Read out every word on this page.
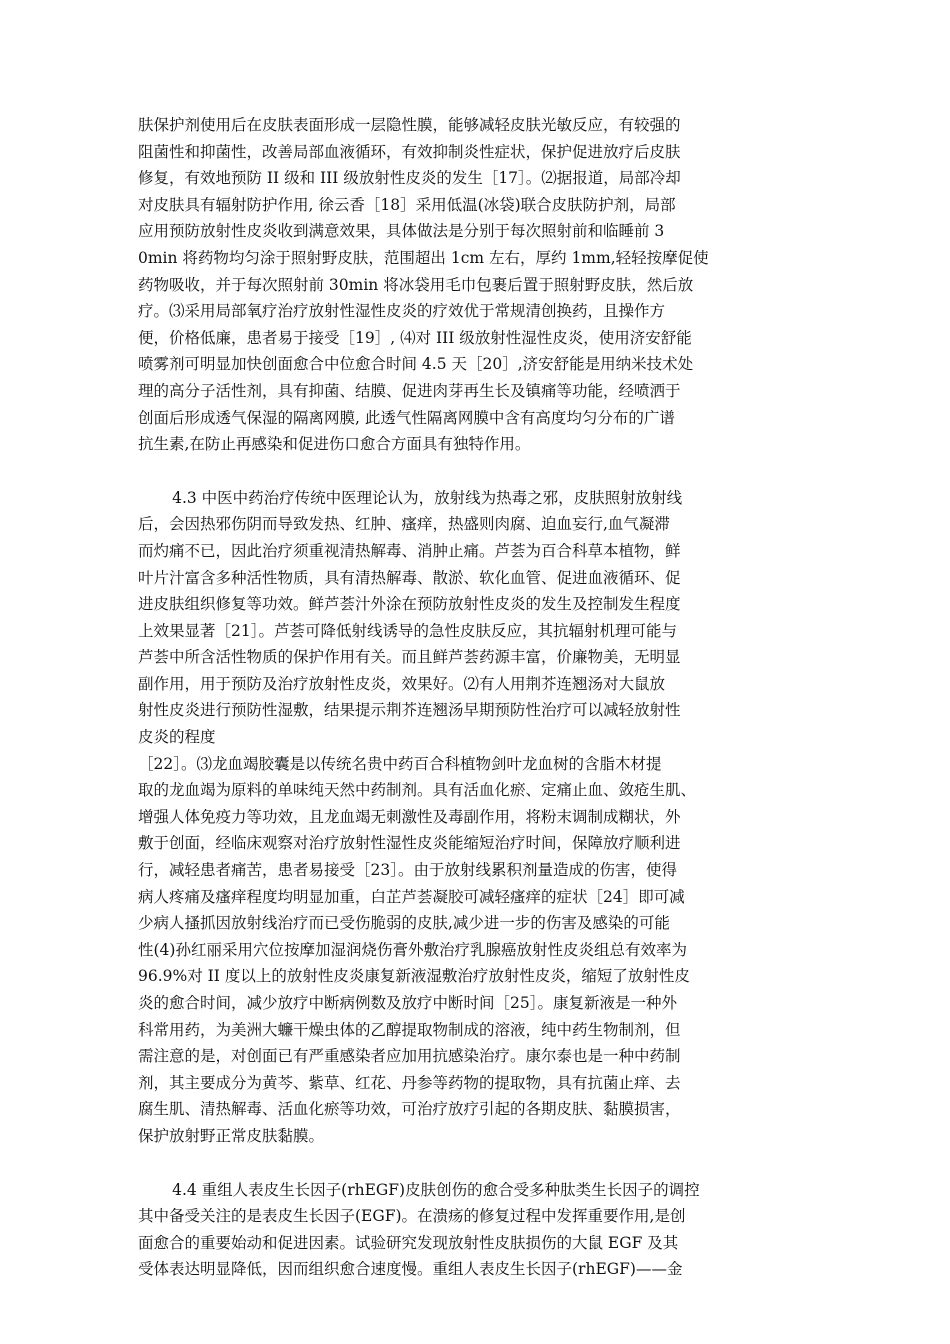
肤保护剂使用后在皮肤表面形成一层隐性膜，能够减轻皮肤光敏反应，有较强的
阻菌性和抑菌性，改善局部血液循环，有效抑制炎性症状，保护促进放疗后皮肤
修复，有效地预防 II 级和 III 级放射性皮炎的发生［17］。⑵据报道，局部冷却
对皮肤具有辐射防护作用, 徐云香［18］采用低温(冰袋)联合皮肤防护剂，局部
应用预防放射性皮炎收到满意效果，具体做法是分别于每次照射前和临睡前 3
0min 将药物均匀涂于照射野皮肤，范围超出 1cm 左右，厚约 1mm,轻轻按摩促使
药物吸收，并于每次照射前 30min 将冰袋用毛巾包裹后置于照射野皮肤，然后放
疗。⑶采用局部氧疗治疗放射性湿性皮炎的疗效优于常规清创换药，且操作方
便，价格低廉，患者易于接受［19］, ⑷对 III 级放射性湿性皮炎，使用济安舒能
喷雾剂可明显加快创面愈合中位愈合时间 4.5 天［20］,济安舒能是用纳米技术处
理的高分子活性剂，具有抑菌、结膜、促进肉芽再生长及镇痛等功能，经喷洒于
创面后形成透气保湿的隔离网膜, 此透气性隔离网膜中含有高度均匀分布的广谱
抗生素,在防止再感染和促进伤口愈合方面具有独特作用。

4.3 中医中药治疗传统中医理论认为，放射线为热毒之邪，皮肤照射放射线
后，会因热邪伤阴而导致发热、红肿、瘙痒，热盛则肉腐、迫血妄行,血气凝滞
而灼痛不已，因此治疗须重视清热解毒、消肿止痛。芦荟为百合科草本植物，鲜
叶片汁富含多种活性物质，具有清热解毒、散淤、软化血管、促进血液循环、促
进皮肤组织修复等功效。鲜芦荟汁外涂在预防放射性皮炎的发生及控制发生程度
上效果显著［21］。芦荟可降低射线诱导的急性皮肤反应，其抗辐射机理可能与
芦荟中所含活性物质的保护作用有关。而且鲜芦荟药源丰富，价廉物美，无明显
副作用，用于预防及治疗放射性皮炎，效果好。⑵有人用荆芥连翘汤对大鼠放
射性皮炎进行预防性湿敷，结果提示荆芥连翘汤早期预防性治疗可以减轻放射性
皮炎的程度

［22］。⑶龙血竭胶囊是以传统名贵中药百合科植物剑叶龙血树的含脂木材提
取的龙血竭为原料的单味纯天然中药制剂。具有活血化瘀、定痛止血、敛疮生肌、
增强人体免疫力等功效，且龙血竭无刺激性及毒副作用，将粉末调制成糊状，外
敷于创面，经临床观察对治疗放射性湿性皮炎能缩短治疗时间，保障放疗顺利进
行，减轻患者痛苦，患者易接受［23］。由于放射线累积剂量造成的伤害，使得
病人疼痛及瘙痒程度均明显加重，白芷芦荟凝胶可减轻瘙痒的症状［24］即可减
少病人搔抓因放射线治疗而已受伤脆弱的皮肤,减少进一步的伤害及感染的可能
性(4)孙红丽采用穴位按摩加湿润烧伤膏外敷治疗乳腺癌放射性皮炎组总有效率为
96.9%对 II 度以上的放射性皮炎康复新液湿敷治疗放射性皮炎，缩短了放射性皮
炎的愈合时间，减少放疗中断病例数及放疗中断时间［25］。康复新液是一种外
科常用药，为美洲大蠊干燥虫体的乙醇提取物制成的溶液，纯中药生物制剂，但
需注意的是，对创面已有严重感染者应加用抗感染治疗。康尔泰也是一种中药制
剂，其主要成分为黄芩、紫草、红花、丹参等药物的提取物，具有抗菌止痒、去
腐生肌、清热解毒、活血化瘀等功效，可治疗放疗引起的各期皮肤、黏膜损害，
保护放射野正常皮肤黏膜。

4.4 重组人表皮生长因子(rhEGF)皮肤创伤的愈合受多种肽类生长因子的调控
其中备受关注的是表皮生长因子(EGF)。在溃疡的修复过程中发挥重要作用,是创
面愈合的重要始动和促进因素。试验研究发现放射性皮肤损伤的大鼠 EGF 及其
受体表达明显降低，因而组织愈合速度慢。重组人表皮生长因子(rhEGF)——金
